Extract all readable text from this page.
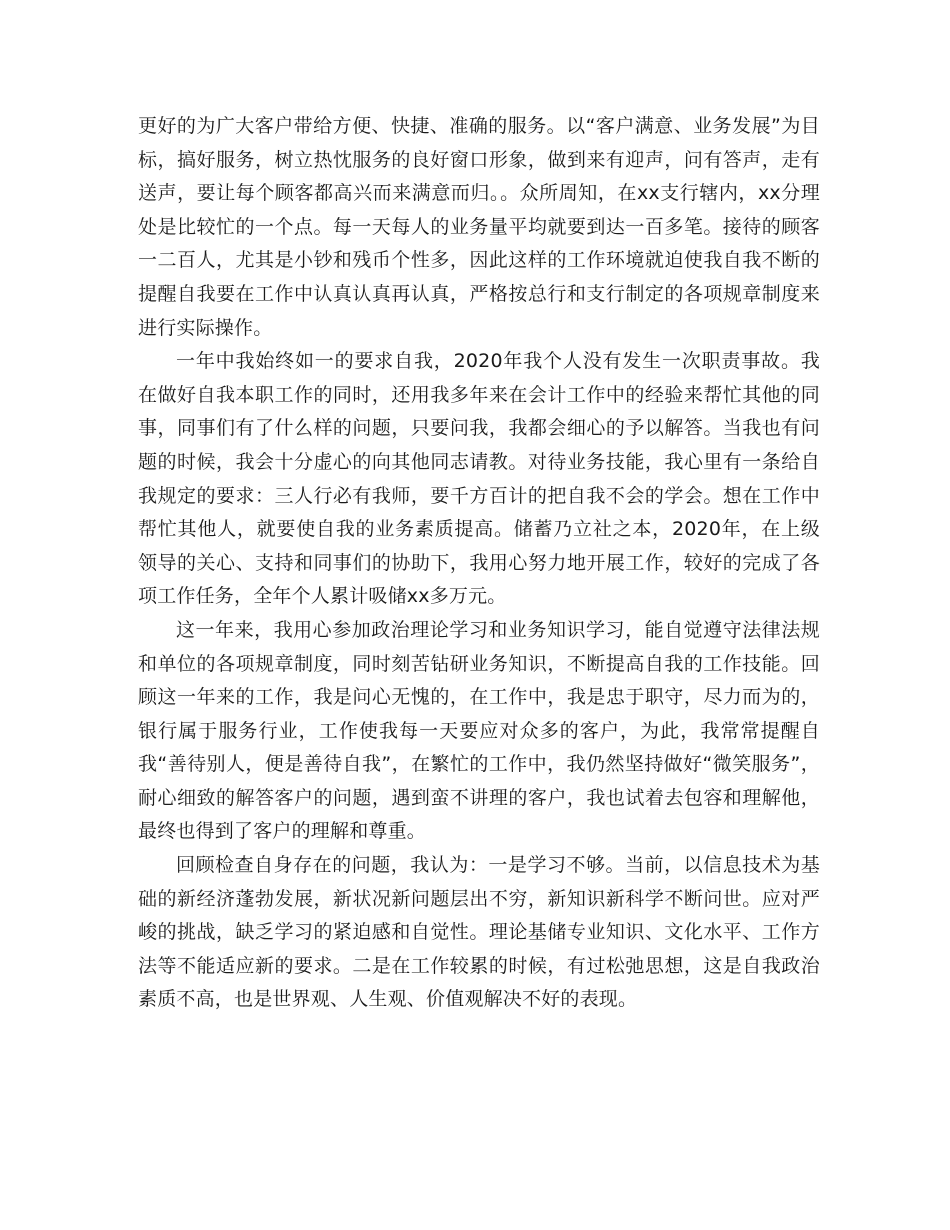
更好的为广大客户带给方便、快捷、准确的服务。以“客户满意、业务发展”为目标，搞好服务，树立热忱服务的良好窗口形象，做到来有迎声，问有答声，走有送声，要让每个顾客都高兴而来满意而归。。众所周知，在xx支行辖内，xx分理处是比较忙的一个点。每一天每人的业务量平均就要到达一百多笔。接待的顾客一二百人，尤其是小钞和残币个性多，因此这样的工作环境就迫使我自我不断的提醒自我要在工作中认真认真再认真，严格按总行和支行制定的各项规章制度来进行实际操作。

一年中我始终如一的要求自我，2020年我个人没有发生一次职责事故。我在做好自我本职工作的同时，还用我多年来在会计工作中的经验来帮忙其他的同事，同事们有了什么样的问题，只要问我，我都会细心的予以解答。当我也有问题的时候，我会十分虚心的向其他同志请教。对待业务技能，我心里有一条给自我规定的要求：三人行必有我师，要千方百计的把自我不会的学会。想在工作中帮忙其他人，就要使自我的业务素质提高。储蓄乃立社之本，2020年，在上级领导的关心、支持和同事们的协助下，我用心努力地开展工作，较好的完成了各项工作任务，全年个人累计吸储xx多万元。

这一年来，我用心参加政治理论学习和业务知识学习，能自觉遵守法律法规和单位的各项规章制度，同时刻苦钻研业务知识，不断提高自我的工作技能。回顾这一年来的工作，我是问心无愧的，在工作中，我是忠于职守，尽力而为的，银行属于服务行业，工作使我每一天要应对众多的客户，为此，我常常提醒自我“善待别人，便是善待自我”，在繁忙的工作中，我仍然坚持做好“微笑服务”，耐心细致的解答客户的问题，遇到蛮不讲理的客户，我也试着去包容和理解他，最终也得到了客户的理解和尊重。

回顾检查自身存在的问题，我认为：一是学习不够。当前，以信息技术为基础的新经济蓬勃发展，新状况新问题层出不穷，新知识新科学不断问世。应对严峻的挑战，缺乏学习的紧迫感和自觉性。理论基储专业知识、文化水平、工作方法等不能适应新的要求。二是在工作较累的时候，有过松弛思想，这是自我政治素质不高，也是世界观、人生观、价值观解决不好的表现。
